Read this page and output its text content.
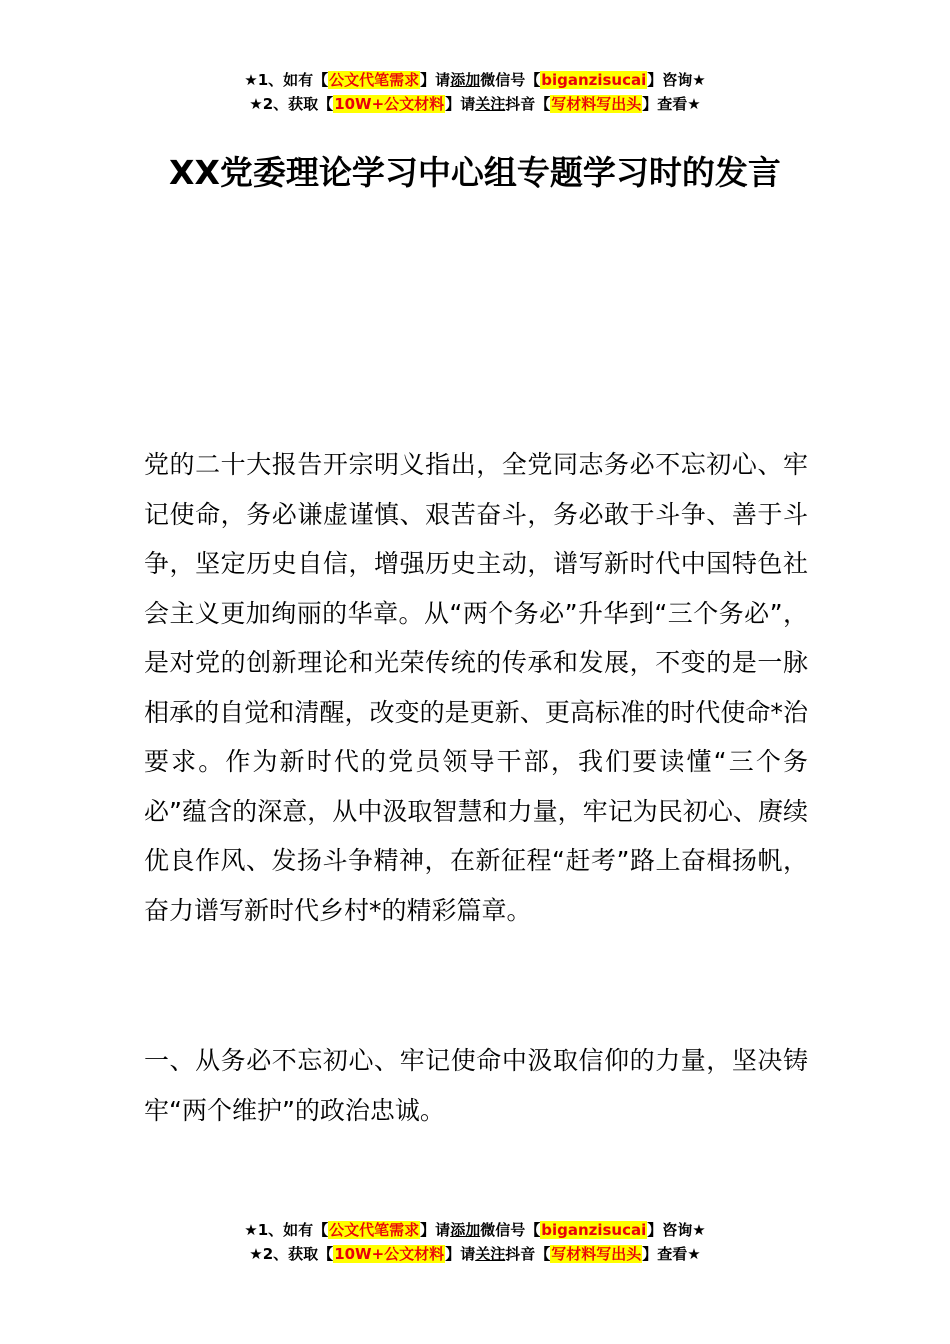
★1、如有【公文代笔需求】请添加微信号【biganzisucai】咨询★
★2、获取【10W+公文材料】请关注抖音【写材料写出头】查看★
XX党委理论学习中心组专题学习时的发言

党的二十大报告开宗明义指出，全党同志务必不忘初心、牢记使命，务必谦虚谨慎、艰苦奋斗，务必敢于斗争、善于斗争，坚定历史自信，增强历史主动，谱写新时代中国特色社会主义更加绚丽的华章。从“两个务必”升华到“三个务必”，是对党的创新理论和光荣传统的传承和发展，不变的是一脉相承的自觉和清醒，改变的是更新、更高标准的时代使命*治要求。作为新时代的党员领导干部，我们要读懂“三个务必”蕴含的深意，从中汲取智慧和力量，牢记为民初心、赓续优良作风、发扬斗争精神，在新征程“赶考”路上奋楫扬帆，奋力谱写新时代乡村*的精彩篇章。

一、从务必不忘初心、牢记使命中汲取信仰的力量，坚决铸牢“两个维护”的政治忠诚。

★1、如有【公文代笔需求】请添加微信号【biganzisucai】咨询★
★2、获取【10W+公文材料】请关注抖音【写材料写出头】查看★
